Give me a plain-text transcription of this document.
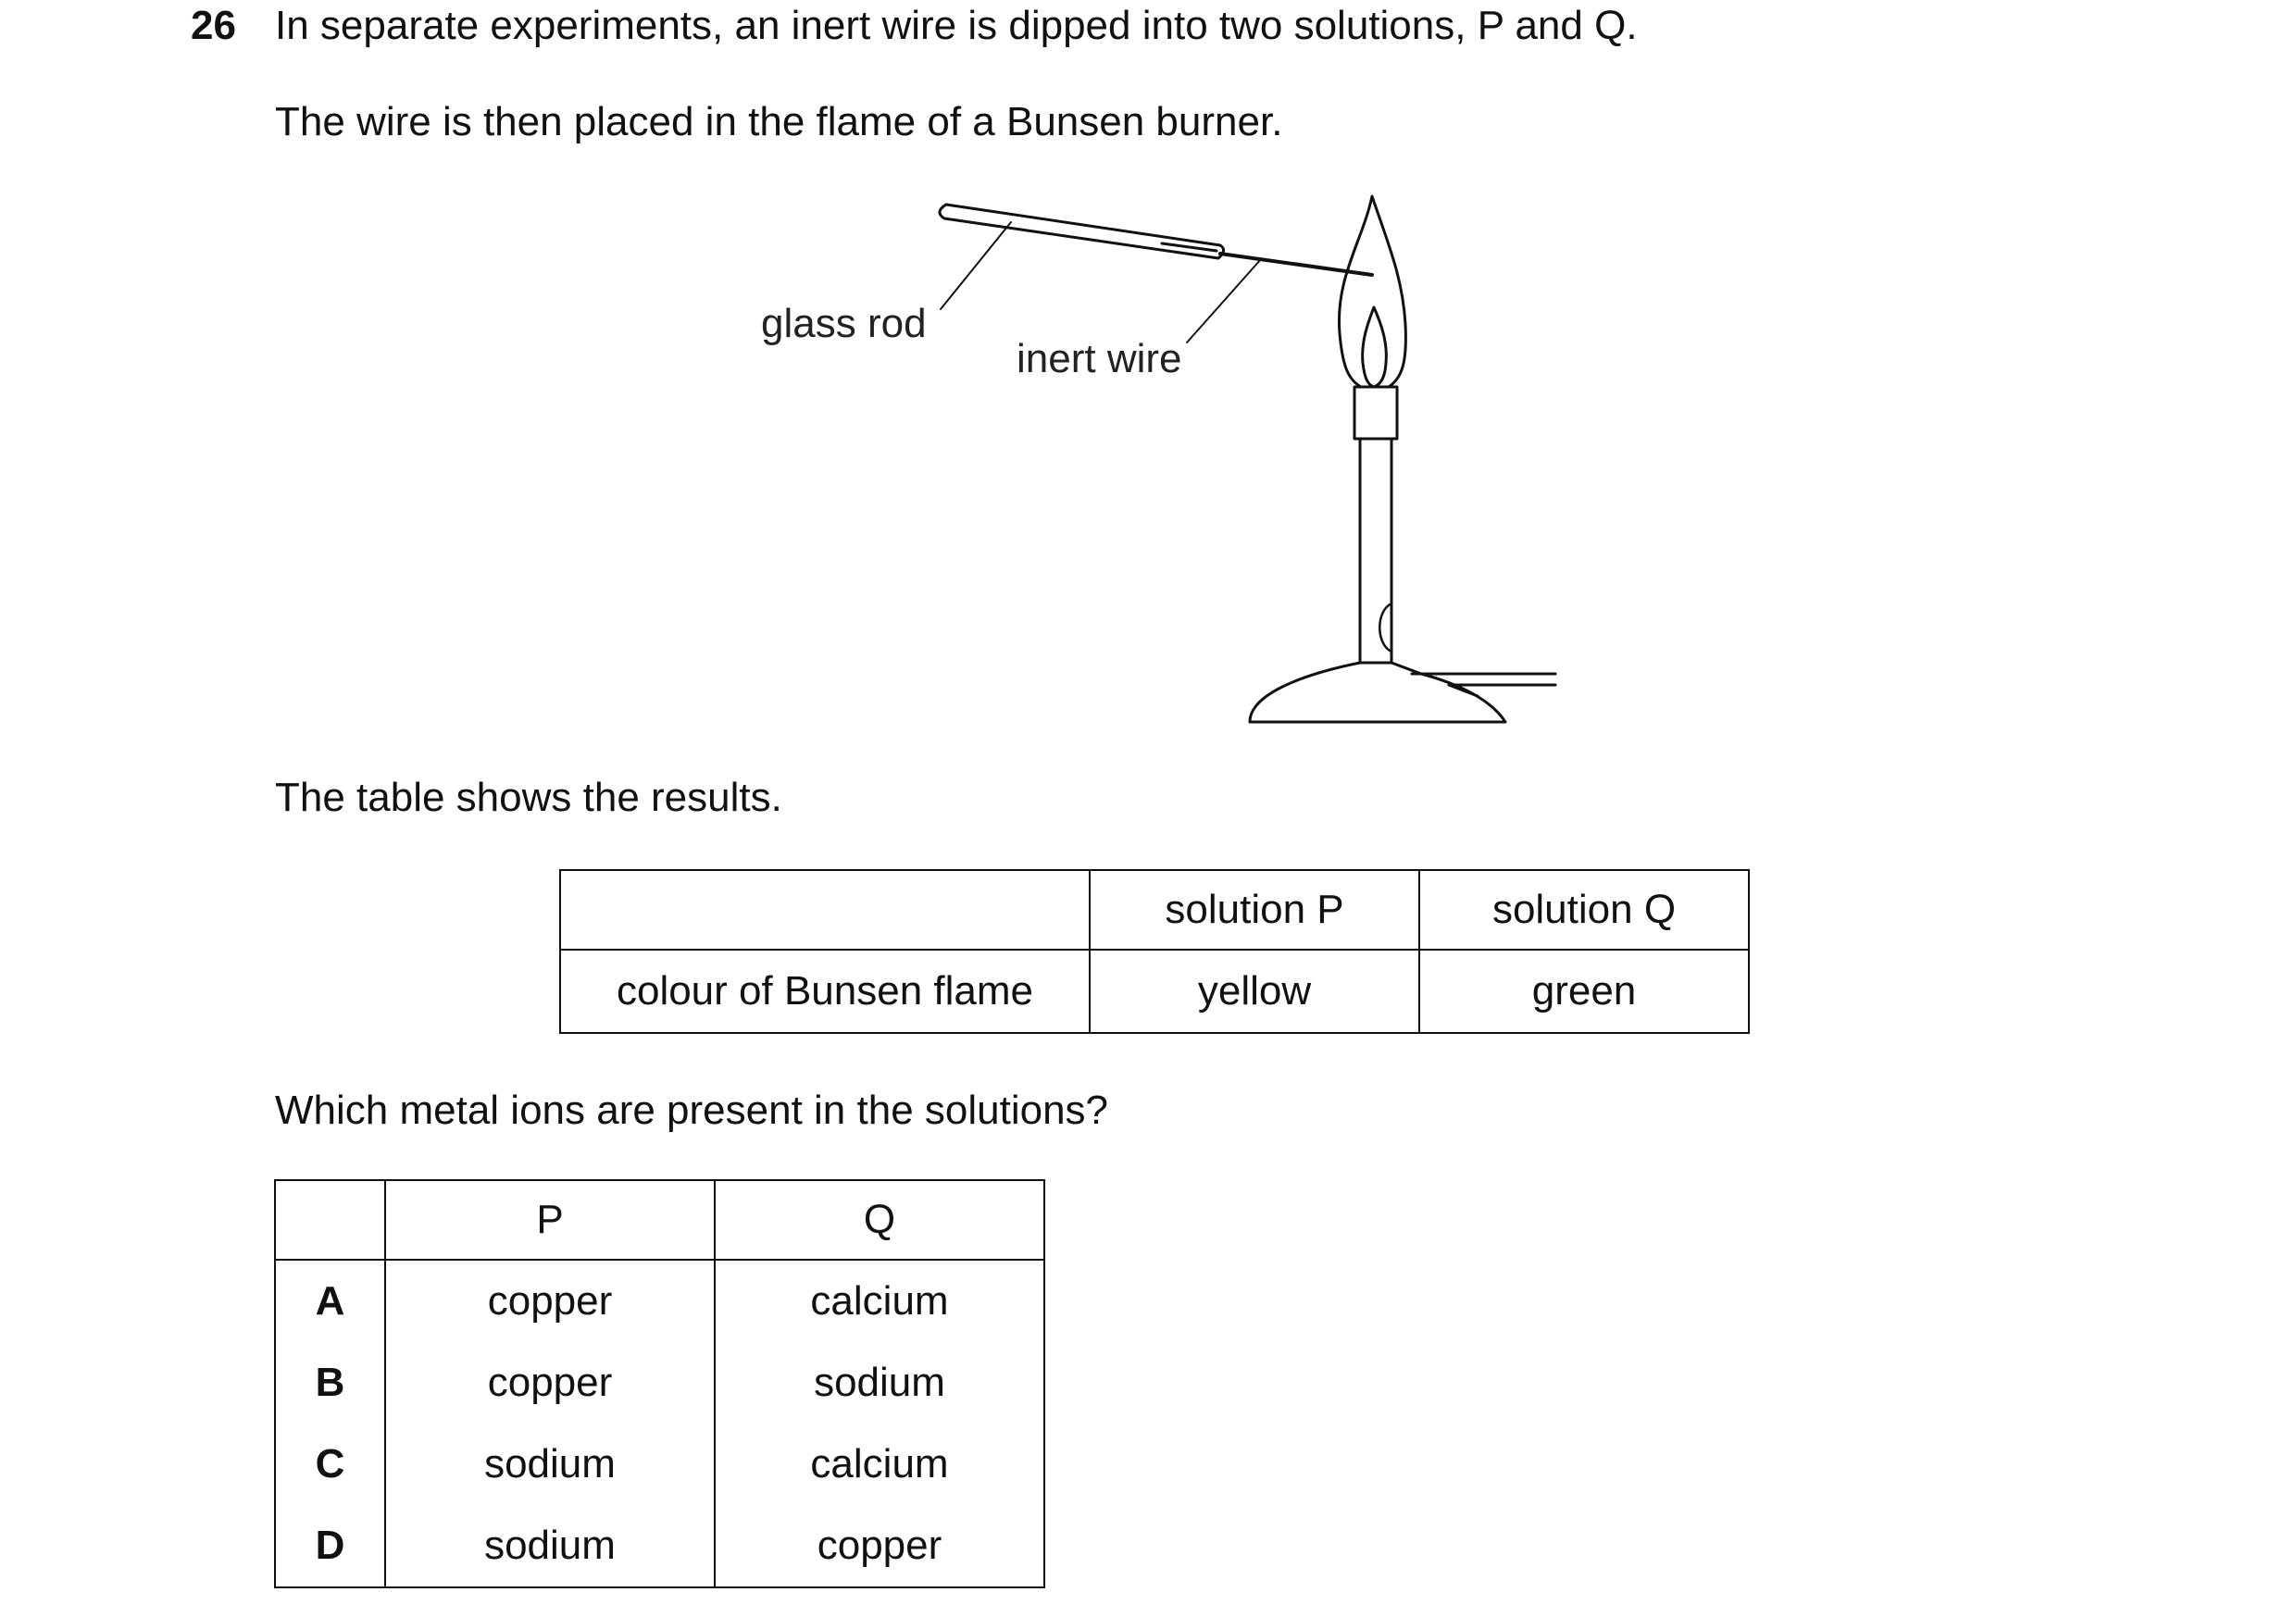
26 In separate experiments, an inert wire is dipped into two solutions, P and Q.
The wire is then placed in the flame of a Bunsen burner.
glass rod
inert wire
The table shows the results.
	solution P	solution Q
colour of Bunsen flame	yellow	green
Which metal ions are present in the solutions?
	P	Q
A	copper	calcium
B	copper	sodium
C	sodium	calcium
D	sodium	copper
